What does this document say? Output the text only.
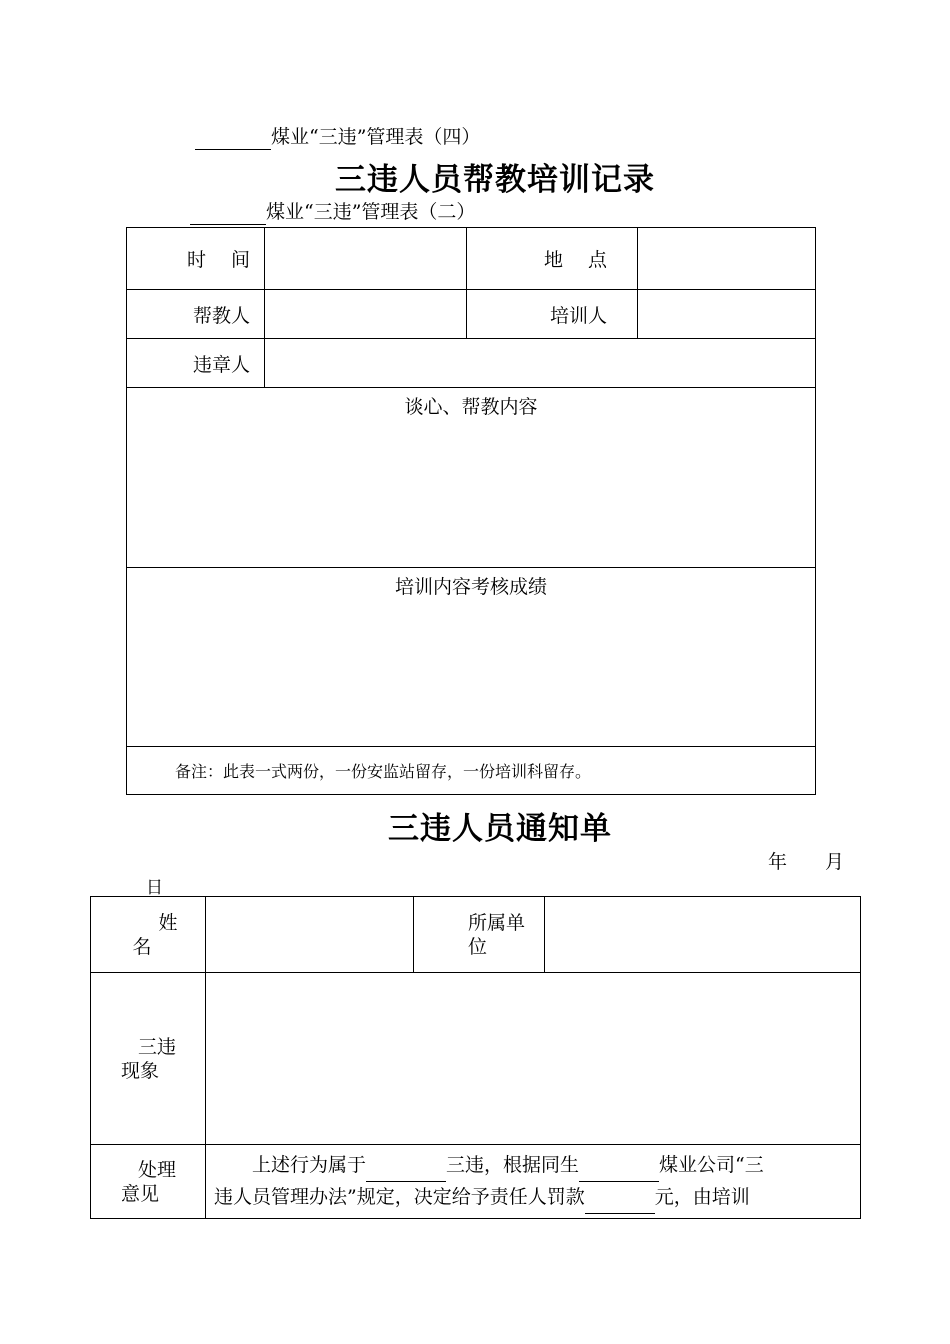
煤业“三违”管理表（四）
三违人员帮教培训记录
煤业“三违”管理表（二）
时　 间		地　 点	
帮教人		培训人	
违章人			
谈心、帮教内容			
培训内容考核成绩			
备注：此表一式两份，一份安监站留存，一份培训科留存。			
三违人员通知单
年　　月
日
姓
名		所属单
位	

三违
现象			

处理
意见	上述行为属于 三违，根据同生 煤业公司“三
违人员管理办法”规定，决定给予责任人罚款 元，由培训		
